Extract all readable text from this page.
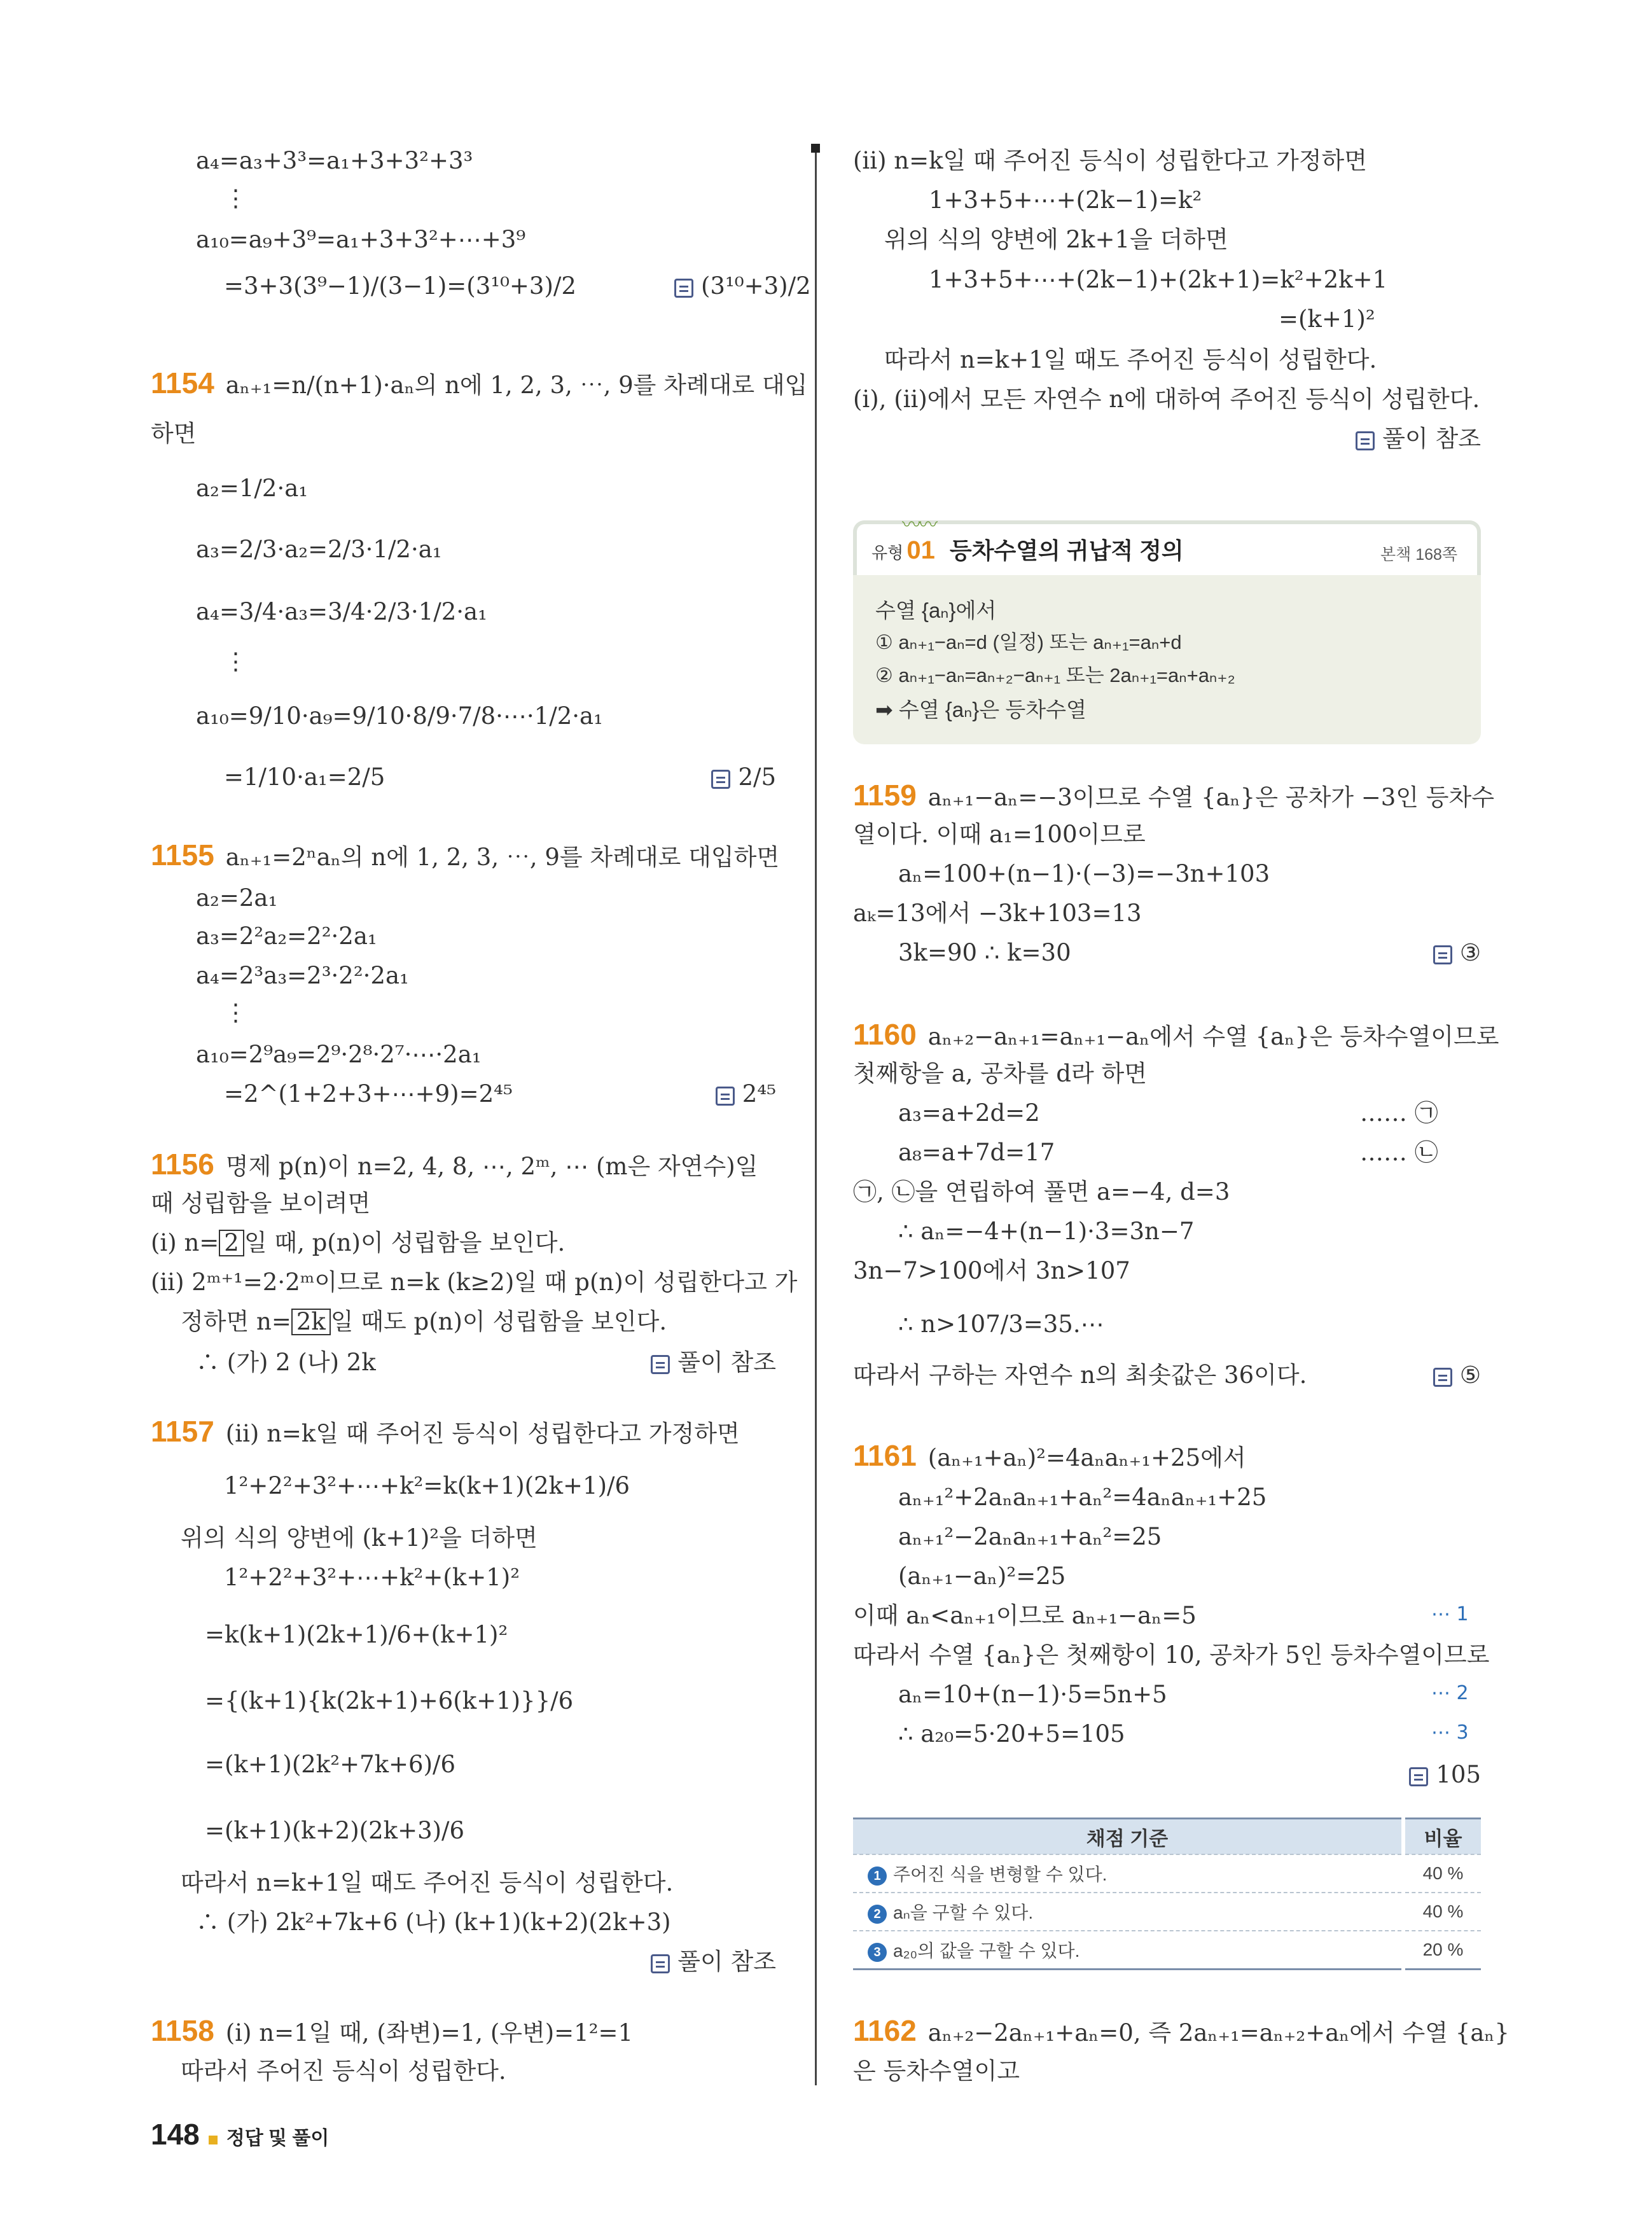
a₄=a₃+3³=a₁+3+3²+3³
⋮
a₁₀=a₉+3⁹=a₁+3+3²+⋯+3⁹
=3+3(3⁹−1)/(3−1)=(3¹⁰+3)/2	(3¹⁰+3)/2
1154 aₙ₊₁=n/(n+1)·aₙ의 n에 1, 2, 3, ⋯, 9를 차례대로 대입
하면
a₂=1/2·a₁
a₃=2/3·a₂=2/3·1/2·a₁
a₄=3/4·a₃=3/4·2/3·1/2·a₁
⋮
a₁₀=9/10·a₉=9/10·8/9·7/8·⋯·1/2·a₁
=1/10·a₁=2/5	2/5
1155 aₙ₊₁=2ⁿaₙ의 n에 1, 2, 3, ⋯, 9를 차례대로 대입하면
a₂=2a₁
a₃=2²a₂=2²·2a₁
a₄=2³a₃=2³·2²·2a₁
⋮
a₁₀=2⁹a₉=2⁹·2⁸·2⁷·⋯·2a₁
=2^(1+2+3+⋯+9)=2⁴⁵	2⁴⁵
1156 명제 p(n)이 n=2, 4, 8, ⋯, 2ᵐ, ⋯ (m은 자연수)일
때 성립함을 보이려면
(i) n= 2 일 때, p(n)이 성립함을 보인다.
(ii) 2ᵐ⁺¹=2·2ᵐ이므로 n=k (k≥2)일 때 p(n)이 성립한다고 가
정하면 n= 2k 일 때도 p(n)이 성립함을 보인다.
∴ (가) 2 (나) 2k	풀이 참조
1157 (ii) n=k일 때 주어진 등식이 성립한다고 가정하면
1²+2²+3²+⋯+k²=k(k+1)(2k+1)/6
위의 식의 양변에 (k+1)²을 더하면
1²+2²+3²+⋯+k²+(k+1)²
=k(k+1)(2k+1)/6+(k+1)²
={(k+1){k(2k+1)+6(k+1)}}/6
=(k+1)(2k²+7k+6)/6
=(k+1)(k+2)(2k+3)/6
따라서 n=k+1일 때도 주어진 등식이 성립한다.
∴ (가) 2k²+7k+6 (나) (k+1)(k+2)(2k+3)
풀이 참조
1158 (i) n=1일 때, (좌변)=1, (우변)=1²=1
따라서 주어진 등식이 성립한다.
(ii) n=k일 때 주어진 등식이 성립한다고 가정하면
1+3+5+⋯+(2k−1)=k²
위의 식의 양변에 2k+1을 더하면
1+3+5+⋯+(2k−1)+(2k+1)=k²+2k+1
=(k+1)²
따라서 n=k+1일 때도 주어진 등식이 성립한다.
(i), (ii)에서 모든 자연수 n에 대하여 주어진 등식이 성립한다.
풀이 참조
〰〰
유형 01 등차수열의 귀납적 정의	본책 168쪽
수열 {aₙ}에서
① aₙ₊₁−aₙ=d (일정) 또는 aₙ₊₁=aₙ+d
② aₙ₊₁−aₙ=aₙ₊₂−aₙ₊₁ 또는 2aₙ₊₁=aₙ+aₙ₊₂
➡ 수열 {aₙ}은 등차수열
1159 aₙ₊₁−aₙ=−3이므로 수열 {aₙ}은 공차가 −3인 등차수
열이다. 이때 a₁=100이므로
aₙ=100+(n−1)·(−3)=−3n+103
aₖ=13에서 −3k+103=13
3k=90 ∴ k=30	③
1160 aₙ₊₂−aₙ₊₁=aₙ₊₁−aₙ에서 수열 {aₙ}은 등차수열이므로
첫째항을 a, 공차를 d라 하면
a₃=a+2d=2	…… ㉠
a₈=a+7d=17	…… ㉡
㉠, ㉡을 연립하여 풀면 a=−4, d=3
∴ aₙ=−4+(n−1)·3=3n−7
3n−7>100에서 3n>107
∴ n>107/3=35.⋯
따라서 구하는 자연수 n의 최솟값은 36이다.	⑤
1161 (aₙ₊₁+aₙ)²=4aₙaₙ₊₁+25에서
aₙ₊₁²+2aₙaₙ₊₁+aₙ²=4aₙaₙ₊₁+25
aₙ₊₁²−2aₙaₙ₊₁+aₙ²=25
(aₙ₊₁−aₙ)²=25
이때 aₙ<aₙ₊₁이므로 aₙ₊₁−aₙ=5	⋯ 1
따라서 수열 {aₙ}은 첫째항이 10, 공차가 5인 등차수열이므로
aₙ=10+(n−1)·5=5n+5	⋯ 2
∴ a₂₀=5·20+5=105	⋯ 3
105
채점 기준	비율
1 주어진 식을 변형할 수 있다.	40 %
2 aₙ을 구할 수 있다.	40 %
3 a₂₀의 값을 구할 수 있다.	20 %
1162 aₙ₊₂−2aₙ₊₁+aₙ=0, 즉 2aₙ₊₁=aₙ₊₂+aₙ에서 수열 {aₙ}
은 등차수열이고
148 정답 및 풀이
